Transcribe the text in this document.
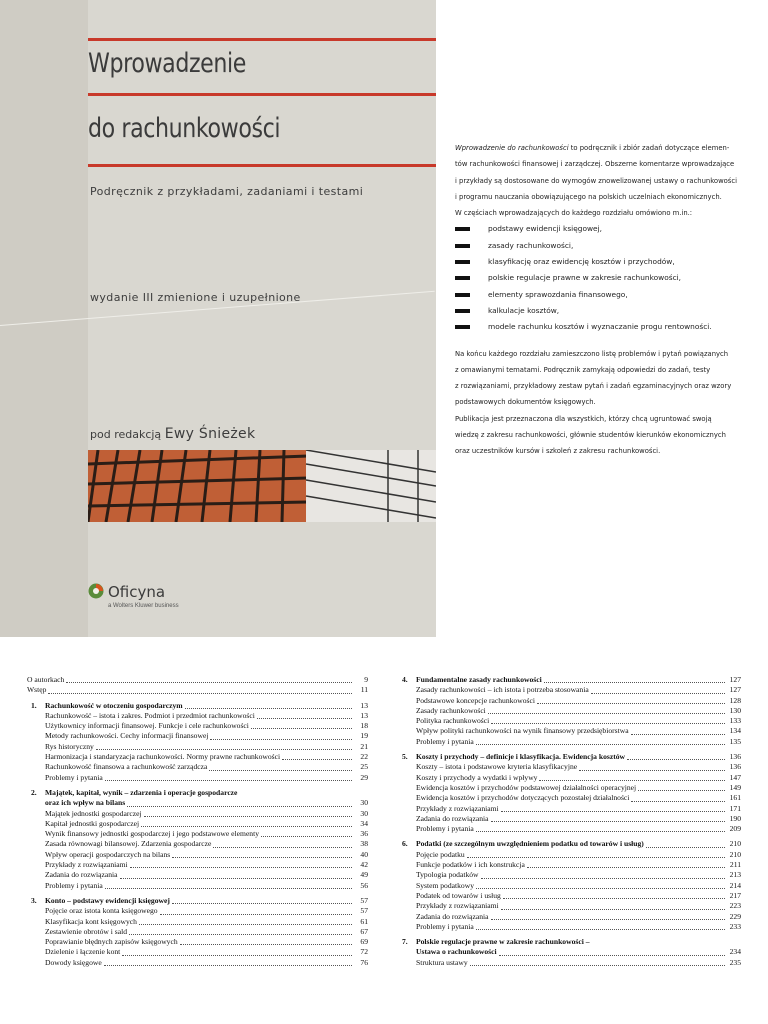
Wprowadzenie
do rachunkowości
Podręcznik z przykładami, zadaniami i testami
wydanie III zmienione i uzupełnione
pod redakcją Ewy Śnieżek
Oficyna
a Wolters Kluwer business

Wprowadzenie do rachunkowości to podręcznik i zbiór zadań dotyczące elemen-

tów rachunkowości finansowej i zarządczej. Obszerne komentarze wprowadzające

i przykłady są dostosowane do wymogów znowelizowanej ustawy o rachunkowości

i programu nauczania obowiązującego na polskich uczelniach ekonomicznych.

W częściach wprowadzających do każdego rozdziału omówiono m.in.:

podstawy ewidencji księgowej,
zasady rachunkowości,
klasyfikację oraz ewidencję kosztów i przychodów,
polskie regulacje prawne w zakresie rachunkowości,
elementy sprawozdania finansowego,
kalkulacje kosztów,
modele rachunku kosztów i wyznaczanie progu rentowności.

Na końcu każdego rozdziału zamieszczono listę problemów i pytań powiązanych

z omawianymi tematami. Podręcznik zamykają odpowiedzi do zadań, testy

z rozwiązaniami, przykładowy zestaw pytań i zadań egzaminacyjnych oraz wzory

podstawowych dokumentów księgowych.

Publikacja jest przeznaczona dla wszystkich, którzy chcą ugruntować swoją

wiedzę z zakresu rachunkowości, głównie studentów kierunków ekonomicznych

oraz uczestników kursów i szkoleń z zakresu rachunkowości.

O autorkach	9
Wstęp	11
1.	Rachunkowość w otoczeniu gospodarczym	13
Rachunkowość – istota i zakres. Podmiot i przedmiot rachunkowości	13
Użytkownicy informacji finansowej. Funkcje i cele rachunkowości	18
Metody rachunkowości. Cechy informacji finansowej	19
Rys historyczny	21
Harmonizacja i standaryzacja rachunkowości. Normy prawne rachunkowości	22
Rachunkowość finansowa a rachunkowość zarządcza	25
Problemy i pytania	29
2.	Majątek, kapitał, wynik – zdarzenia i operacje gospodarcze
oraz ich wpływ na bilans	30
Majątek jednostki gospodarczej	30
Kapitał jednostki gospodarczej	34
Wynik finansowy jednostki gospodarczej i jego podstawowe elementy	36
Zasada równowagi bilansowej. Zdarzenia gospodarcze	38
Wpływ operacji gospodarczych na bilans	40
Przykłady z rozwiązaniami	42
Zadania do rozwiązania	49
Problemy i pytania	56
3.	Konto – podstawy ewidencji księgowej	57
Pojęcie oraz istota konta księgowego	57
Klasyfikacja kont księgowych	61
Zestawienie obrotów i sald	67
Poprawianie błędnych zapisów księgowych	69
Dzielenie i łączenie kont	72
Dowody księgowe	76
4.	Fundamentalne zasady rachunkowości	127
Zasady rachunkowości – ich istota i potrzeba stosowania	127
Podstawowe koncepcje rachunkowości	128
Zasady rachunkowości	130
Polityka rachunkowości	133
Wpływ polityki rachunkowości na wynik finansowy przedsiębiorstwa	134
Problemy i pytania	135
5.	Koszty i przychody – definicje i klasyfikacja. Ewidencja kosztów	136
Koszty – istota i podstawowe kryteria klasyfikacyjne	136
Koszty i przychody a wydatki i wpływy	147
Ewidencja kosztów i przychodów podstawowej działalności operacyjnej	149
Ewidencja kosztów i przychodów dotyczących pozostałej działalności	161
Przykłady z rozwiązaniami	171
Zadania do rozwiązania	190
Problemy i pytania	209
6.	Podatki (ze szczególnym uwzględnieniem podatku od towarów i usług)	210
Pojęcie podatku	210
Funkcje podatków i ich konstrukcja	211
Typologia podatków	213
System podatkowy	214
Podatek od towarów i usług	217
Przykłady z rozwiązaniami	223
Zadania do rozwiązania	229
Problemy i pytania	233
7.	Polskie regulacje prawne w zakresie rachunkowości –
Ustawa o rachunkowości	234
Struktura ustawy	235
